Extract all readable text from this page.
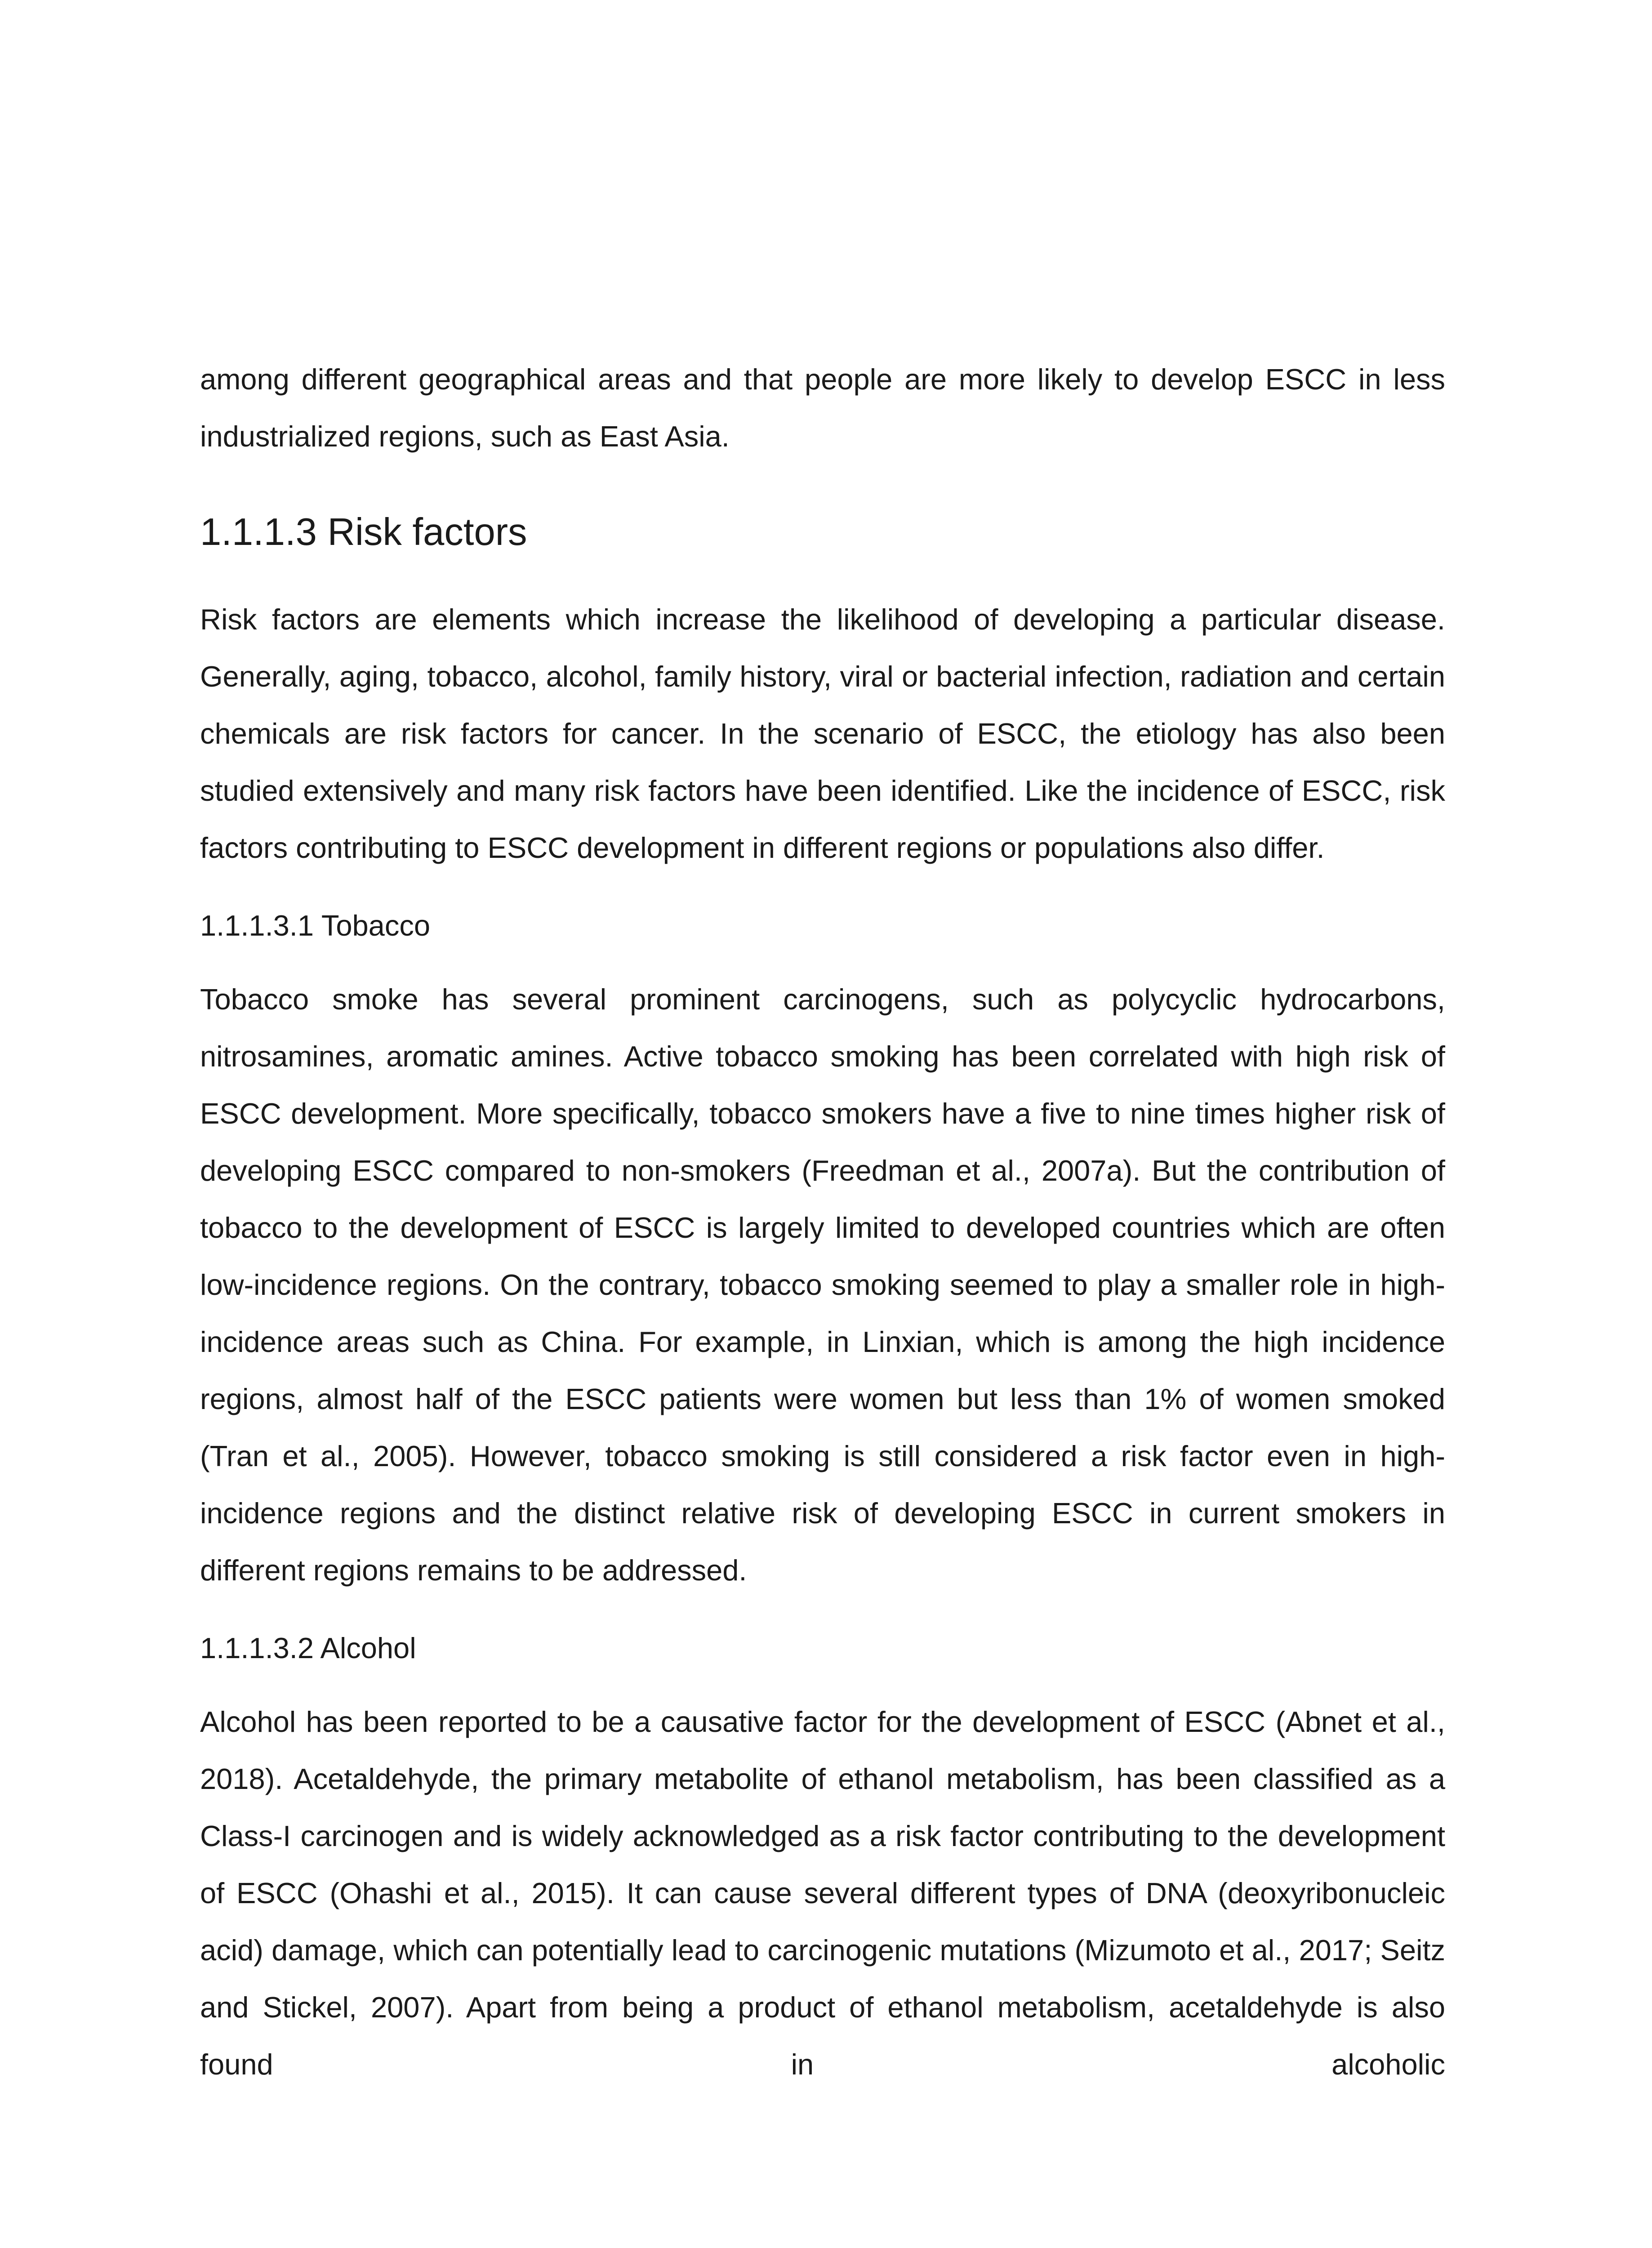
among different geographical areas and that people are more likely to develop ESCC in less industrialized regions, such as East Asia.

1.1.1.3 Risk factors

Risk factors are elements which increase the likelihood of developing a particular disease. Generally, aging, tobacco, alcohol, family history, viral or bacterial infection, radiation and certain chemicals are risk factors for cancer. In the scenario of ESCC, the etiology has also been studied extensively and many risk factors have been identified. Like the incidence of ESCC, risk factors contributing to ESCC development in different regions or populations also differ.

1.1.1.3.1 Tobacco

Tobacco smoke has several prominent carcinogens, such as polycyclic hydrocarbons, nitrosamines, aromatic amines. Active tobacco smoking has been correlated with high risk of ESCC development. More specifically, tobacco smokers have a five to nine times higher risk of developing ESCC compared to non-smokers (Freedman et al., 2007a). But the contribution of tobacco to the development of ESCC is largely limited to developed countries which are often low-incidence regions. On the contrary, tobacco smoking seemed to play a smaller role in high-incidence areas such as China. For example, in Linxian, which is among the high incidence regions, almost half of the ESCC patients were women but less than 1% of women smoked (Tran et al., 2005). However, tobacco smoking is still considered a risk factor even in high-incidence regions and the distinct relative risk of developing ESCC in current smokers in different regions remains to be addressed.

1.1.1.3.2 Alcohol

Alcohol has been reported to be a causative factor for the development of ESCC (Abnet et al., 2018). Acetaldehyde, the primary metabolite of ethanol metabolism, has been classified as a Class-I carcinogen and is widely acknowledged as a risk factor contributing to the development of ESCC (Ohashi et al., 2015). It can cause several different types of DNA (deoxyribonucleic acid) damage, which can potentially lead to carcinogenic mutations (Mizumoto et al., 2017; Seitz and Stickel, 2007). Apart from being a product of ethanol metabolism, acetaldehyde is also found in alcoholic
